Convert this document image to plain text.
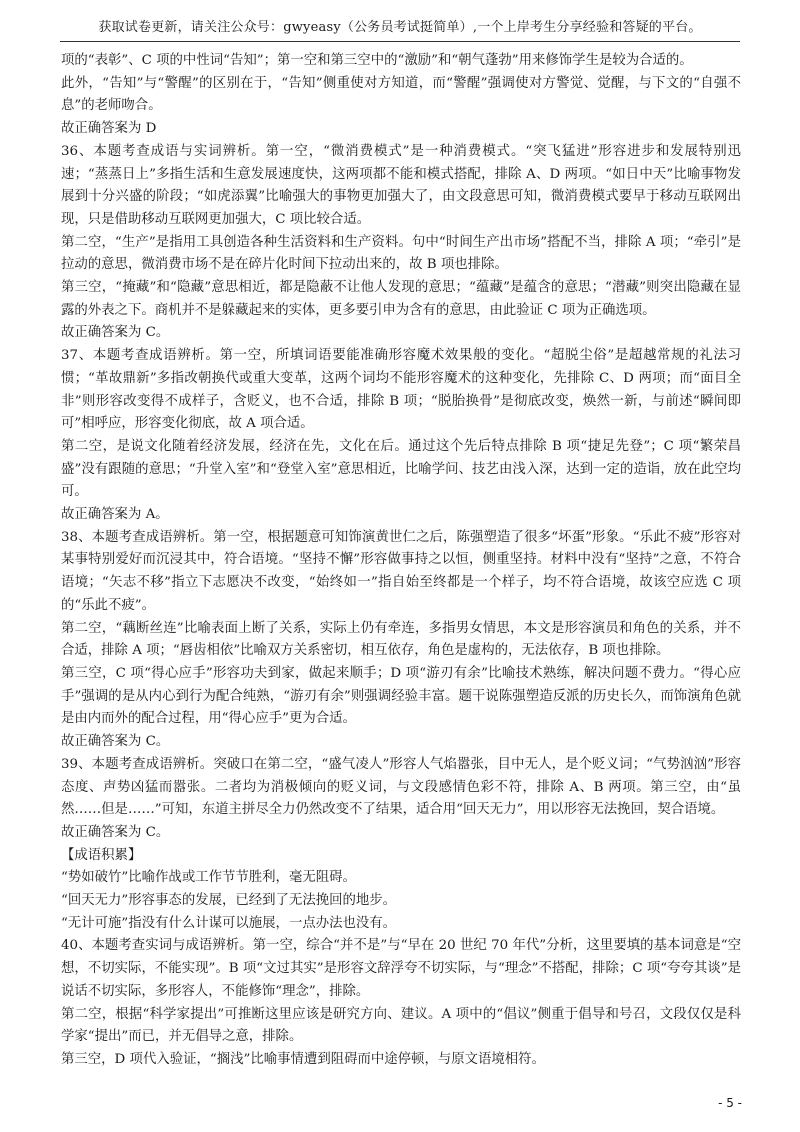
获取试卷更新，请关注公众号：gwyeasy（公务员考试挺简单）,一个上岸考生分享经验和答疑的平台。

项的“表彰”、C 项的中性词“告知”；第一空和第三空中的“激励”和“朝气蓬勃”用来修饰学生是较为合适的。

此外，“告知”与“警醒”的区别在于，“告知”侧重使对方知道，而“警醒”强调使对方警觉、觉醒，与下文的“自强不息”的老师吻合。

故正确答案为 D

36、本题考查成语与实词辨析。第一空，“微消费模式”是一种消费模式。“突飞猛进”形容进步和发展特别迅速；“蒸蒸日上”多指生活和生意发展速度快，这两项都不能和模式搭配，排除 A、D 两项。“如日中天”比喻事物发展到十分兴盛的阶段；“如虎添翼”比喻强大的事物更加强大了，由文段意思可知，微消费模式要早于移动互联网出现，只是借助移动互联网更加强大，C 项比较合适。

第二空，“生产”是指用工具创造各种生活资料和生产资料。句中“时间生产出市场”搭配不当，排除 A 项；“牵引”是拉动的意思，微消费市场不是在碎片化时间下拉动出来的，故 B 项也排除。

第三空，“掩藏”和“隐藏”意思相近，都是隐蔽不让他人发现的意思；“蕴藏”是蕴含的意思；“潜藏”则突出隐藏在显露的外表之下。商机并不是躲藏起来的实体，更多要引申为含有的意思，由此验证 C 项为正确选项。

故正确答案为 C。

37、本题考查成语辨析。第一空，所填词语要能准确形容魔术效果般的变化。“超脱尘俗”是超越常规的礼法习惯；“革故鼎新”多指改朝换代或重大变革，这两个词均不能形容魔术的这种变化，先排除 C、D 两项；而“面目全非”则形容改变得不成样子，含贬义，也不合适，排除 B 项；“脱胎换骨”是彻底改变，焕然一新，与前述“瞬间即可”相呼应，形容变化彻底，故 A 项合适。

第二空，是说文化随着经济发展，经济在先，文化在后。通过这个先后特点排除 B 项“捷足先登”；C 项“繁荣昌盛”没有跟随的意思；“升堂入室”和“登堂入室”意思相近，比喻学问、技艺由浅入深，达到一定的造诣，放在此空均可。

故正确答案为 A。

38、本题考查成语辨析。第一空，根据题意可知饰演黄世仁之后，陈强塑造了很多“坏蛋”形象。“乐此不疲”形容对某事特别爱好而沉浸其中，符合语境。“坚持不懈”形容做事持之以恒，侧重坚持。材料中没有“坚持”之意，不符合语境；“矢志不移”指立下志愿决不改变，“始终如一”指自始至终都是一个样子，均不符合语境，故该空应选 C 项的“乐此不疲”。

第二空，“藕断丝连”比喻表面上断了关系，实际上仍有牵连，多指男女情思，本文是形容演员和角色的关系，并不合适，排除 A 项；“唇齿相依”比喻双方关系密切，相互依存，角色是虚构的，无法依存，B 项也排除。

第三空，C 项“得心应手”形容功夫到家，做起来顺手；D 项“游刃有余”比喻技术熟练，解决问题不费力。“得心应手”强调的是从内心到行为配合纯熟，“游刃有余”则强调经验丰富。题干说陈强塑造反派的历史长久，而饰演角色就是由内而外的配合过程，用“得心应手”更为合适。

故正确答案为 C。

39、本题考查成语辨析。突破口在第二空，“盛气凌人”形容人气焰嚣张，目中无人，是个贬义词；“气势汹汹”形容态度、声势凶猛而嚣张。二者均为消极倾向的贬义词，与文段感情色彩不符，排除 A、B 两项。第三空，由“虽然……但是……”可知，东道主拼尽全力仍然改变不了结果，适合用“回天无力”，用以形容无法挽回，契合语境。

故正确答案为 C。

【成语积累】

“势如破竹”比喻作战或工作节节胜利，毫无阻碍。

“回天无力”形容事态的发展，已经到了无法挽回的地步。

“无计可施”指没有什么计谋可以施展，一点办法也没有。

40、本题考查实词与成语辨析。第一空，综合“并不是”与“早在 20 世纪 70 年代”分析，这里要填的基本词意是“空想，不切实际，不能实现”。B 项“文过其实”是形容文辞浮夸不切实际，与“理念”不搭配，排除；C 项“夸夸其谈”是说话不切实际，多形容人，不能修饰“理念”，排除。

第二空，根据“科学家提出”可推断这里应该是研究方向、建议。A 项中的“倡议”侧重于倡导和号召，文段仅仅是科学家“提出”而已，并无倡导之意，排除。

第三空，D 项代入验证，“搁浅”比喻事情遭到阻碍而中途停顿，与原文语境相符。

- 5 -
